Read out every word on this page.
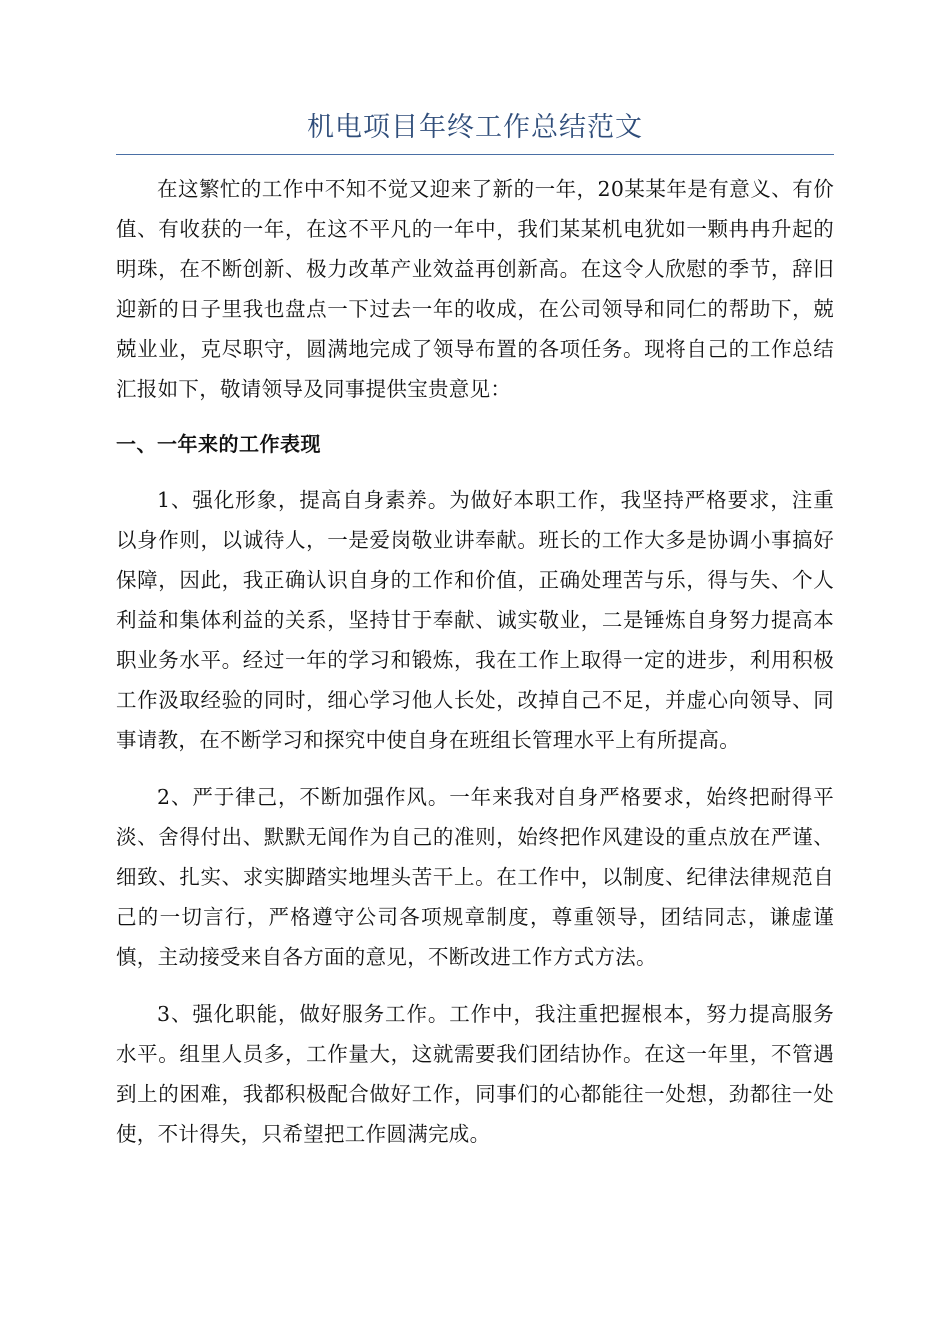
机电项目年终工作总结范文

在这繁忙的工作中不知不觉又迎来了新的一年，20某某年是有意义、有价值、有收获的一年，在这不平凡的一年中，我们某某机电犹如一颗冉冉升起的明珠，在不断创新、极力改革产业效益再创新高。在这令人欣慰的季节，辞旧迎新的日子里我也盘点一下过去一年的收成，在公司领导和同仁的帮助下，兢兢业业，克尽职守，圆满地完成了领导布置的各项任务。现将自己的工作总结汇报如下，敬请领导及同事提供宝贵意见：

一、一年来的工作表现

1、强化形象，提高自身素养。为做好本职工作，我坚持严格要求，注重以身作则，以诚待人，一是爱岗敬业讲奉献。班长的工作大多是协调小事搞好保障，因此，我正确认识自身的工作和价值，正确处理苦与乐，得与失、个人利益和集体利益的关系，坚持甘于奉献、诚实敬业，二是锤炼自身努力提高本职业务水平。经过一年的学习和锻炼，我在工作上取得一定的进步，利用积极工作汲取经验的同时，细心学习他人长处，改掉自己不足，并虚心向领导、同事请教，在不断学习和探究中使自身在班组长管理水平上有所提高。

2、严于律己，不断加强作风。一年来我对自身严格要求，始终把耐得平淡、舍得付出、默默无闻作为自己的准则，始终把作风建设的重点放在严谨、细致、扎实、求实脚踏实地埋头苦干上。在工作中，以制度、纪律法律规范自己的一切言行，严格遵守公司各项规章制度，尊重领导，团结同志，谦虚谨慎，主动接受来自各方面的意见，不断改进工作方式方法。

3、强化职能，做好服务工作。工作中，我注重把握根本，努力提高服务水平。组里人员多，工作量大，这就需要我们团结协作。在这一年里，不管遇到上的困难，我都积极配合做好工作，同事们的心都能往一处想，劲都往一处使，不计得失，只希望把工作圆满完成。
